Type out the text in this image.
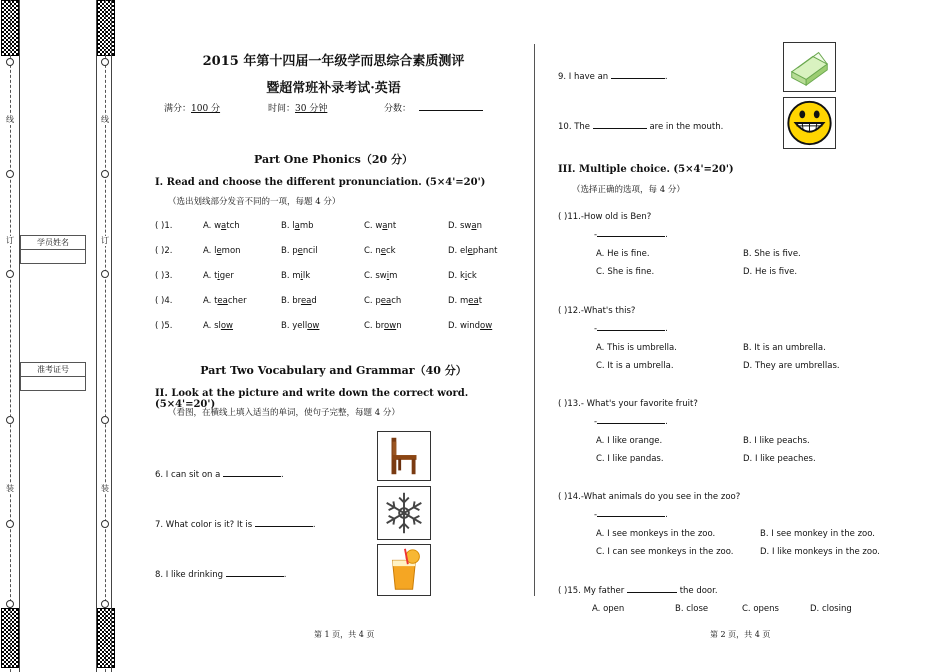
线	线
订	订
装	装
学员姓名
准考证号
2015 年第十四届一年级学而思综合素质测评
暨超常班补录考试·英语
满分：100 分	时间：30 分钟	分数：
Part One Phonics（20 分）
I. Read and choose the different pronunciation. (5×4'=20')
（选出划线部分发音不同的一项，每题 4 分）
( )1.	A. watch	B. lamb	C. want	D. swan
( )2.	A. lemon	B. pencil	C. neck	D. elephant
( )3.	A. tiger	B. milk	C. swim	D. kick
( )4.	A. teacher	B. bread	C. peach	D. meat
( )5.	A. slow	B. yellow	C. brown	D. window
Part Two Vocabulary and Grammar（40 分）
II. Look at the picture and write down the correct word. (5×4'=20')
（看图，在横线上填入适当的单词，使句子完整，每题 4 分）
6. I can sit on a	.
7. What color is it? It is	.
8. I like drinking	.
第 1 页，共 4 页
9. I have an	.
10. The	are in the mouth.
III. Multiple choice. (5×4'=20')
（选择正确的选项，每 4 分）
( )11.-How old is Ben?
-	.
A. He is fine.	B. She is five.
C. She is fine.	D. He is five.
( )12.-What's this?
-	.
A. This is umbrella.	B. It is an umbrella.
C. It is a umbrella.	D. They are umbrellas.
( )13.- What's your favorite fruit?
-	.
A. I like orange.	B. I like peachs.
C. I like pandas.	D. I like peaches.
( )14.-What animals do you see in the zoo?
-	.
A. I see monkeys in the zoo.	B. I see monkey in the zoo.
C. I can see monkeys in the zoo.	D. I like monkeys in the zoo.
( )15. My father	the door.
A. open	B. close	C. opens	D. closing
第 2 页，共 4 页
